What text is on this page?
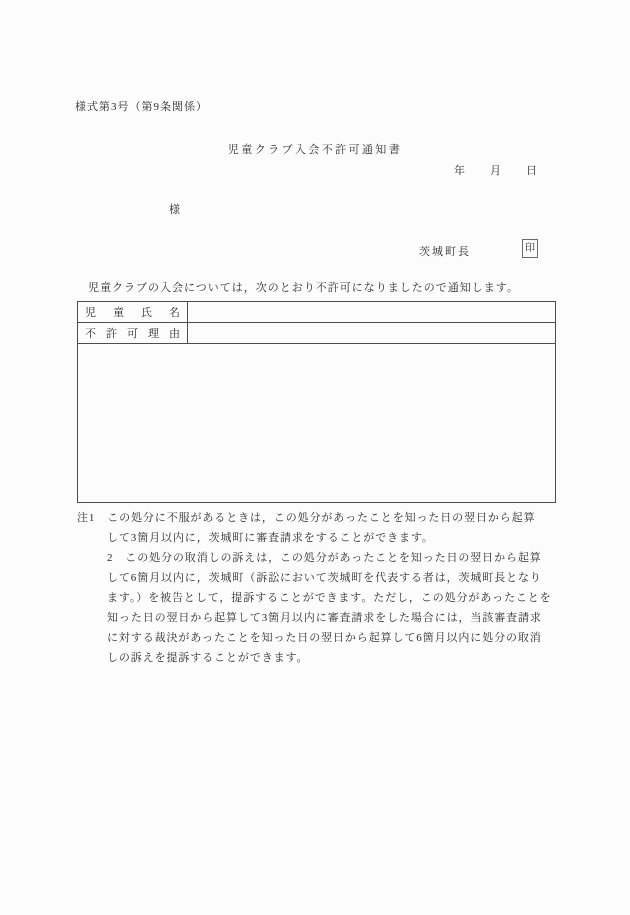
様式第3号（第9条関係）
児童クラブ入会不許可通知書
年　　月　　日
様
茨城町長	印
児童クラブの入会については，次のとおり不許可になりましたので通知します。
児童氏名	
不許可理由	

注1　この処分に不服があるときは，この処分があったことを知った日の翌日から起算
して3箇月以内に，茨城町に審査請求をすることができます。
2　この処分の取消しの訴えは，この処分があったことを知った日の翌日から起算
して6箇月以内に，茨城町（訴訟において茨城町を代表する者は，茨城町長となり
ます。）を被告として，提訴することができます。ただし，この処分があったことを
知った日の翌日から起算して3箇月以内に審査請求をした場合には，当該審査請求
に対する裁決があったことを知った日の翌日から起算して6箇月以内に処分の取消
しの訴えを提訴することができます。
